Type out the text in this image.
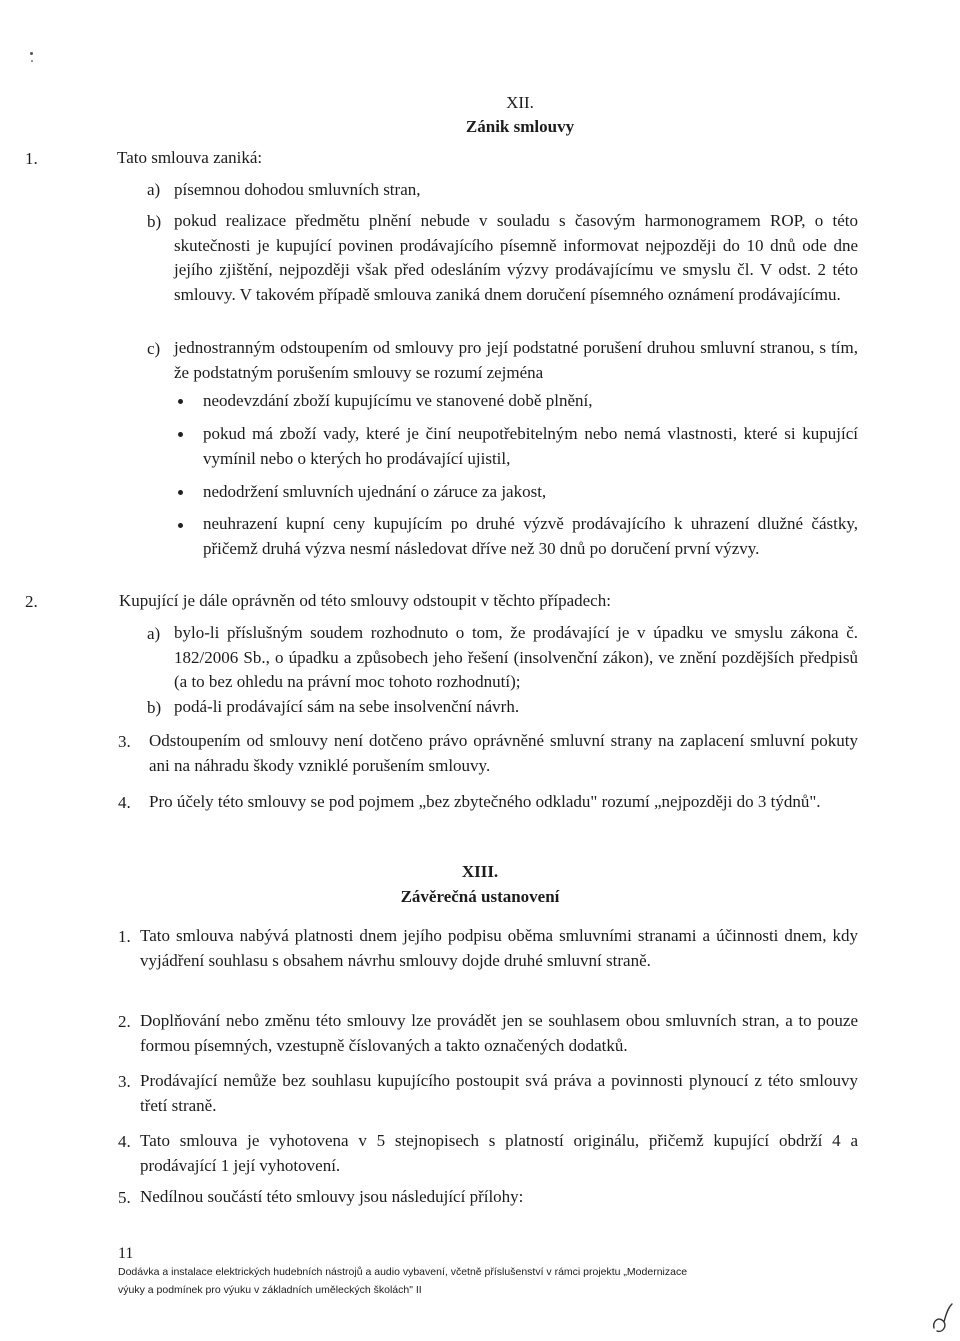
XII.
Zánik smlouvy
1.	Tato smlouva zaniká:
a) písemnou dohodou smluvních stran,
b) pokud realizace předmětu plnění nebude v souladu s časovým harmonogramem ROP, o této skutečnosti je kupující povinen prodávajícího písemně informovat nejpozději do 10 dnů ode dne jejího zjištění, nejpozději však před odesláním výzvy prodávajícímu ve smyslu čl. V odst. 2 této smlouvy. V takovém případě smlouva zaniká dnem doručení písemného oznámení prodávajícímu.
c) jednostranným odstoupením od smlouvy pro její podstatné porušení druhou smluvní stranou, s tím, že podstatným porušením smlouvy se rozumí zejména
neodevzdání zboží kupujícímu ve stanovené době plnění,
pokud má zboží vady, které je činí neupotřebitelným nebo nemá vlastnosti, které si kupující vymínil nebo o kterých ho prodávající ujistil,
nedodržení smluvních ujednání o záruce za jakost,
neuhrazení kupní ceny kupujícím po druhé výzvě prodávajícího k uhrazení dlužné částky, přičemž druhá výzva nesmí následovat dříve než 30 dnů po doručení první výzvy.
2.	Kupující je dále oprávněn od této smlouvy odstoupit v těchto případech:
a) bylo-li příslušným soudem rozhodnuto o tom, že prodávající je v úpadku ve smyslu zákona č. 182/2006 Sb., o úpadku a způsobech jeho řešení (insolvenční zákon), ve znění pozdějších předpisů (a to bez ohledu na právní moc tohoto rozhodnutí);
b) podá-li prodávající sám na sebe insolvenční návrh.
3. Odstoupením od smlouvy není dotčeno právo oprávněné smluvní strany na zaplacení smluvní pokuty ani na náhradu škody vzniklé porušením smlouvy.
4. Pro účely této smlouvy se pod pojmem „bez zbytečného odkladu" rozumí „nejpozději do 3 týdnů".
XIII.
Závěrečná ustanovení
1. Tato smlouva nabývá platnosti dnem jejího podpisu oběma smluvními stranami a účinnosti dnem, kdy vyjádření souhlasu s obsahem návrhu smlouvy dojde druhé smluvní straně.
2. Doplňování nebo změnu této smlouvy lze provádět jen se souhlasem obou smluvních stran, a to pouze formou písemných, vzestupně číslovaných a takto označených dodatků.
3. Prodávající nemůže bez souhlasu kupujícího postoupit svá práva a povinnosti plynoucí z této smlouvy třetí straně.
4. Tato smlouva je vyhotovena v 5 stejnopisech s platností originálu, přičemž kupující obdrží 4 a prodávající 1 její vyhotovení.
5. Nedílnou součástí této smlouvy jsou následující přílohy:
11
Dodávka a instalace elektrických hudebních nástrojů a audio vybavení, včetně příslušenství v rámci projektu „Modernizace
výuky a podmínek pro výuku v základních uměleckých školách" II
